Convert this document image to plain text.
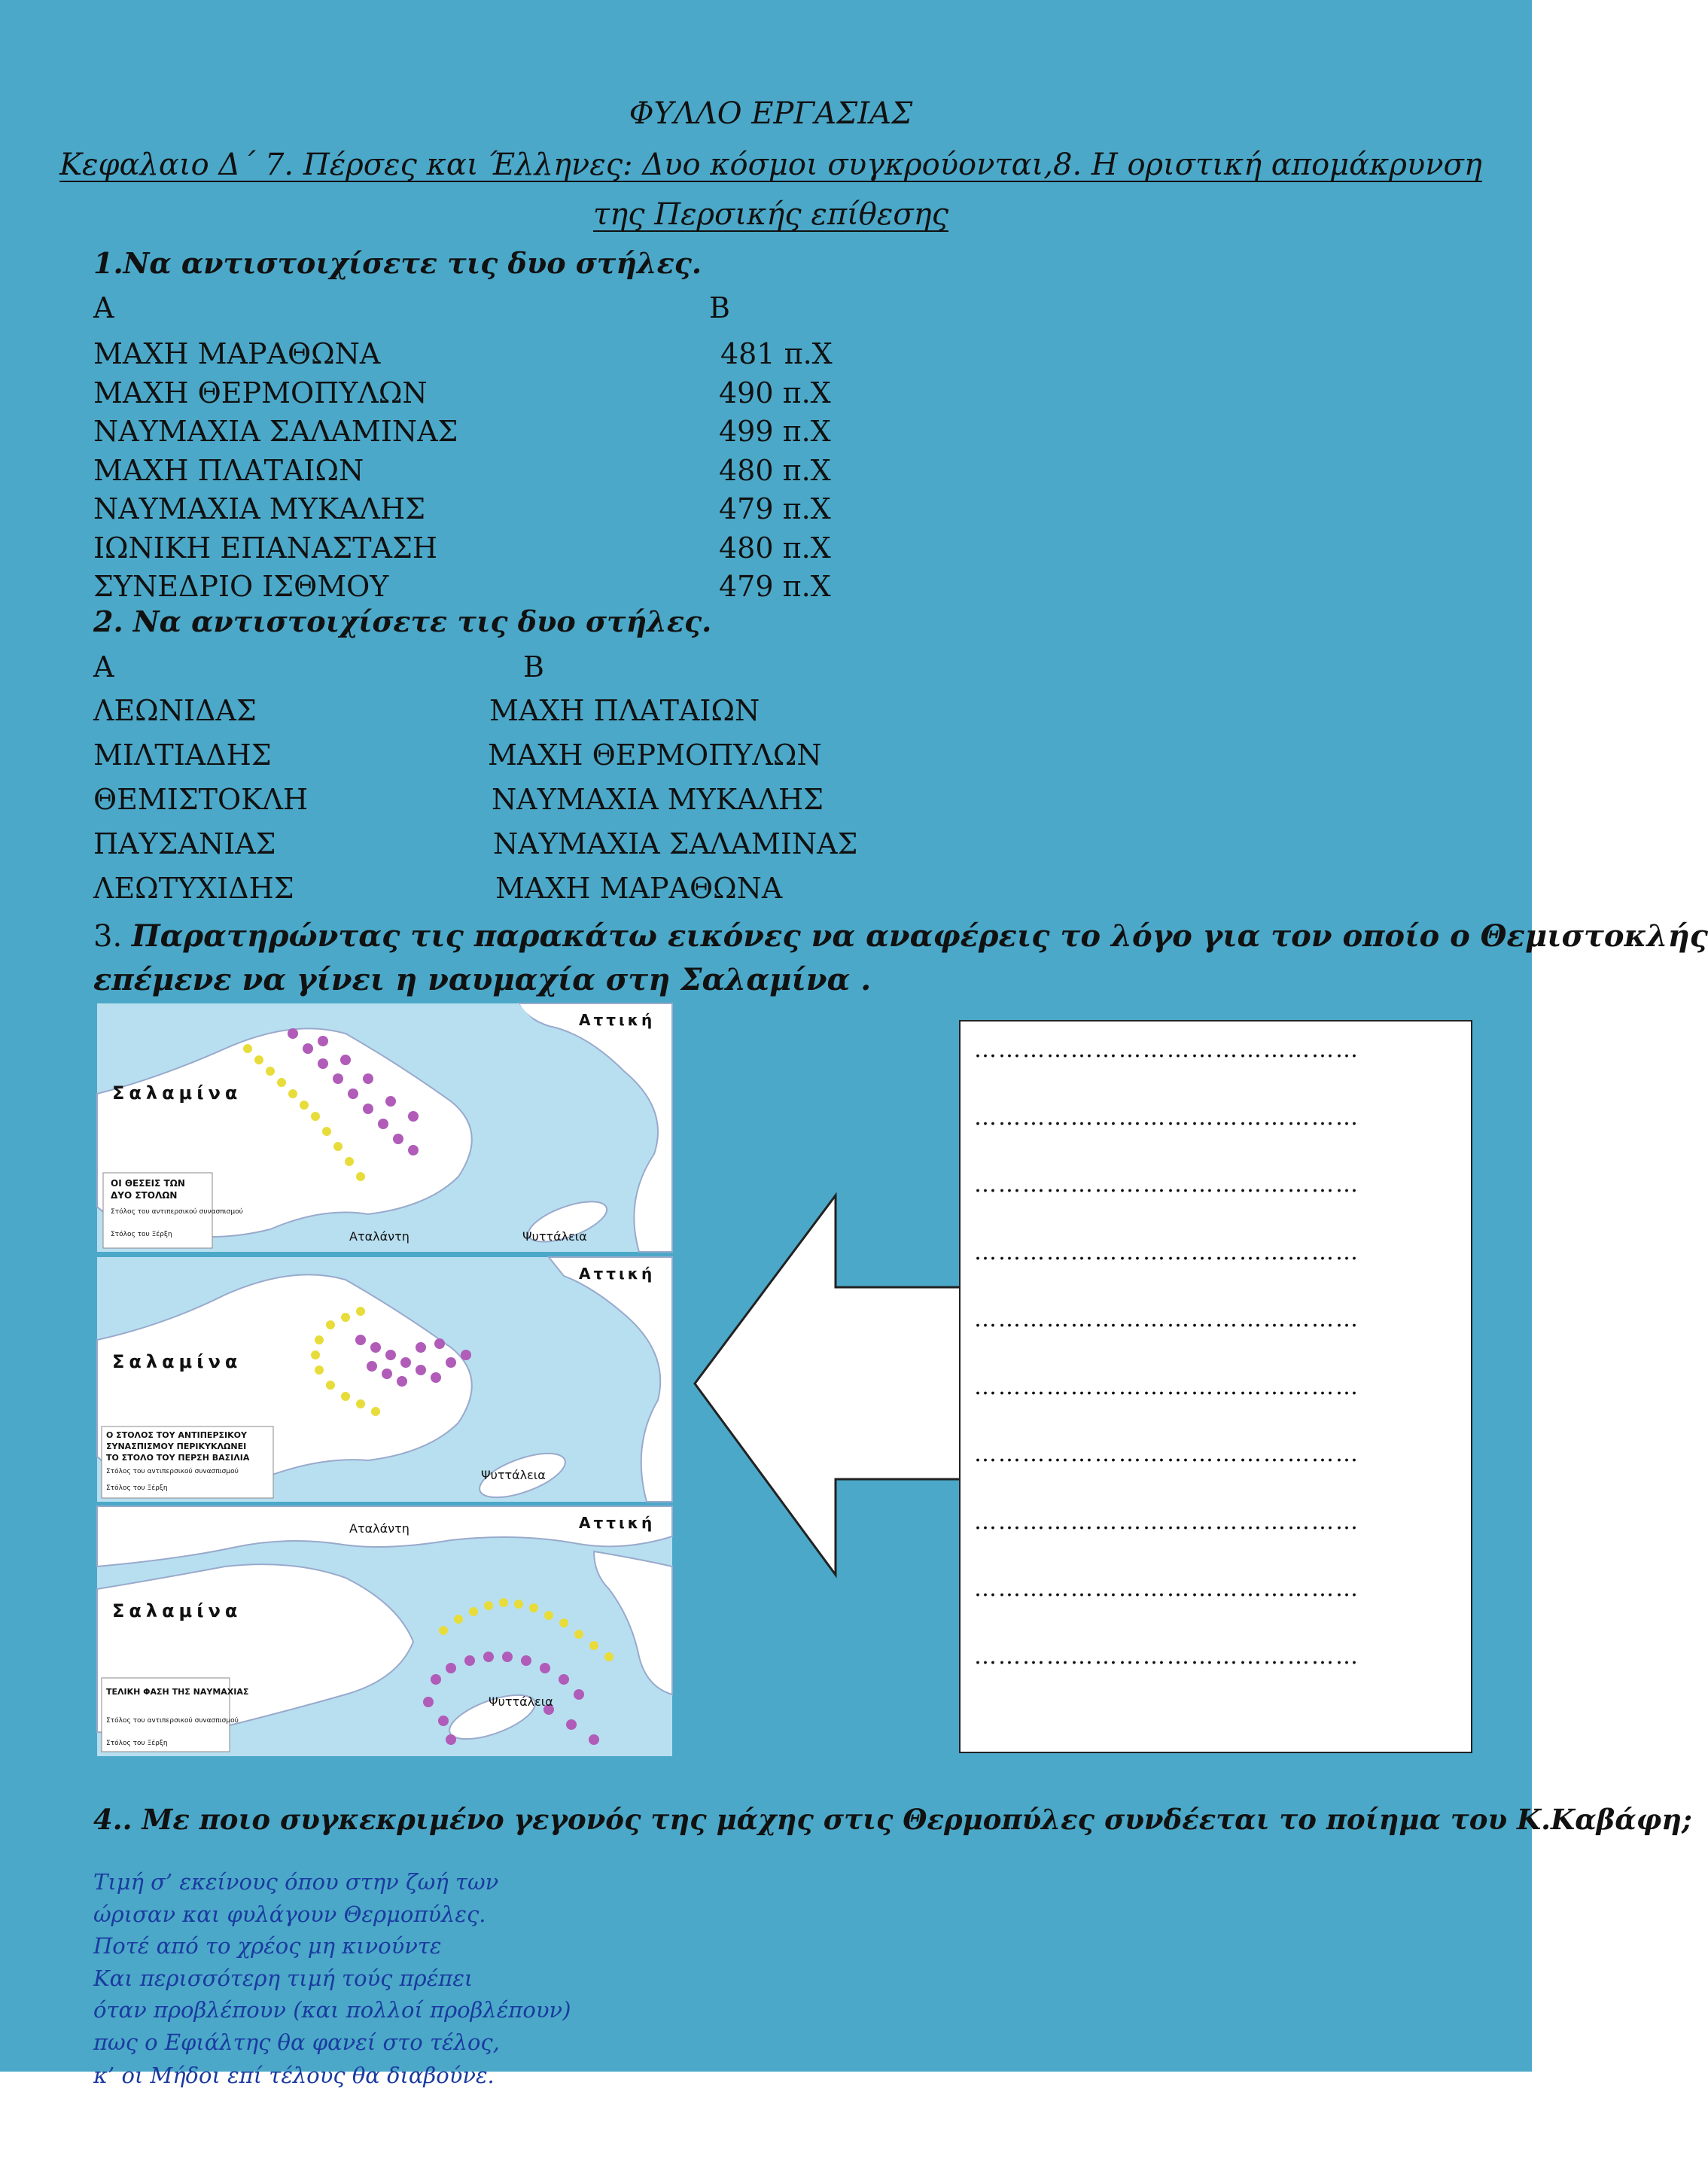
ΦΥΛΛΟ ΕΡΓΑΣΙΑΣ
Κεφαλαιο Δ΄ 7. Πέρσες και Έλληνες: Δυο κόσμοι συγκρούονται,8. Η οριστική απομάκρυνση
της Περσικής επίθεσης
1.Να αντιστοιχίσετε τις δυο στήλες.
Α	Β
ΜΑΧΗ ΜΑΡΑΘΩΝΑ	481 π.Χ
ΜΑΧΗ ΘΕΡΜΟΠΥΛΩΝ	490 π.Χ
ΝΑΥΜΑΧΙΑ ΣΑΛΑΜΙΝΑΣ	499 π.Χ
ΜΑΧΗ ΠΛΑΤΑΙΩΝ	480 π.Χ
ΝΑΥΜΑΧΙΑ ΜΥΚΑΛΗΣ	479 π.Χ
ΙΩΝΙΚΗ ΕΠΑΝΑΣΤΑΣΗ	480 π.Χ
ΣΥΝΕΔΡΙΟ ΙΣΘΜΟΥ	479 π.Χ
2. Να αντιστοιχίσετε τις δυο στήλες.
Α	Β
ΛΕΩΝΙΔΑΣ	ΜΑΧΗ ΠΛΑΤΑΙΩΝ
ΜΙΛΤΙΑΔΗΣ	ΜΑΧΗ ΘΕΡΜΟΠΥΛΩΝ
ΘΕΜΙΣΤΟΚΛΗ	ΝΑΥΜΑΧΙΑ ΜΥΚΑΛΗΣ
ΠΑΥΣΑΝΙΑΣ	ΝΑΥΜΑΧΙΑ ΣΑΛΑΜΙΝΑΣ
ΛΕΩΤΥΧΙΔΗΣ	ΜΑΧΗ ΜΑΡΑΘΩΝΑ
3. Παρατηρώντας τις παρακάτω εικόνες να αναφέρεις το λόγο για τον οποίο ο Θεμιστοκλής
επέμενε να γίνει η ναυμαχία στη Σαλαμίνα .
Αττική
Σαλαμίνα
Αταλάντη	Ψυττάλεια
ΟΙ ΘΕΣΕΙΣ ΤΩΝ
ΔΥΟ ΣΤΟΛΩΝ
Στόλος του αντιπερσικού συνασπισμού
Στόλος του Ξέρξη
Αττική
Σαλαμίνα
Ψυττάλεια
Ο ΣΤΟΛΟΣ ΤΟΥ ΑΝΤΙΠΕΡΣΙΚΟΥ
ΣΥΝΑΣΠΙΣΜΟΥ ΠΕΡΙΚΥΚΛΩΝΕΙ
ΤΟ ΣΤΟΛΟ ΤΟΥ ΠΕΡΣΗ ΒΑΣΙΛΙΑ
Στόλος του αντιπερσικού συνασπισμού
Στόλος του Ξέρξη
Αττική
Σαλαμίνα
Αταλάντη
Ψυττάλεια
ΤΕΛΙΚΗ ΦΑΣΗ ΤΗΣ ΝΑΥΜΑΧΙΑΣ
Στόλος του αντιπερσικού συνασπισμού
Στόλος του Ξέρξη
…………………………………………
…………………………………………
…………………………………………
…………………………………………
…………………………………………
…………………………………………
…………………………………………
…………………………………………
…………………………………………
…………………………………………
4.. Με ποιο συγκεκριμένο γεγονός της μάχης στις Θερμοπύλες συνδέεται το ποίημα του Κ.Καβάφη;
Τιμή σ’ εκείνους όπου στην ζωή των
ώρισαν και φυλάγουν Θερμοπύλες.
Ποτέ από το χρέος μη κινούντε
Και περισσότερη τιμή τούς πρέπει
όταν προβλέπουν (και πολλοί προβλέπουν)
πως ο Εφιάλτης θα φανεί στο τέλος,
κ’ οι Μήδοι επί τέλους θα διαβούνε.
